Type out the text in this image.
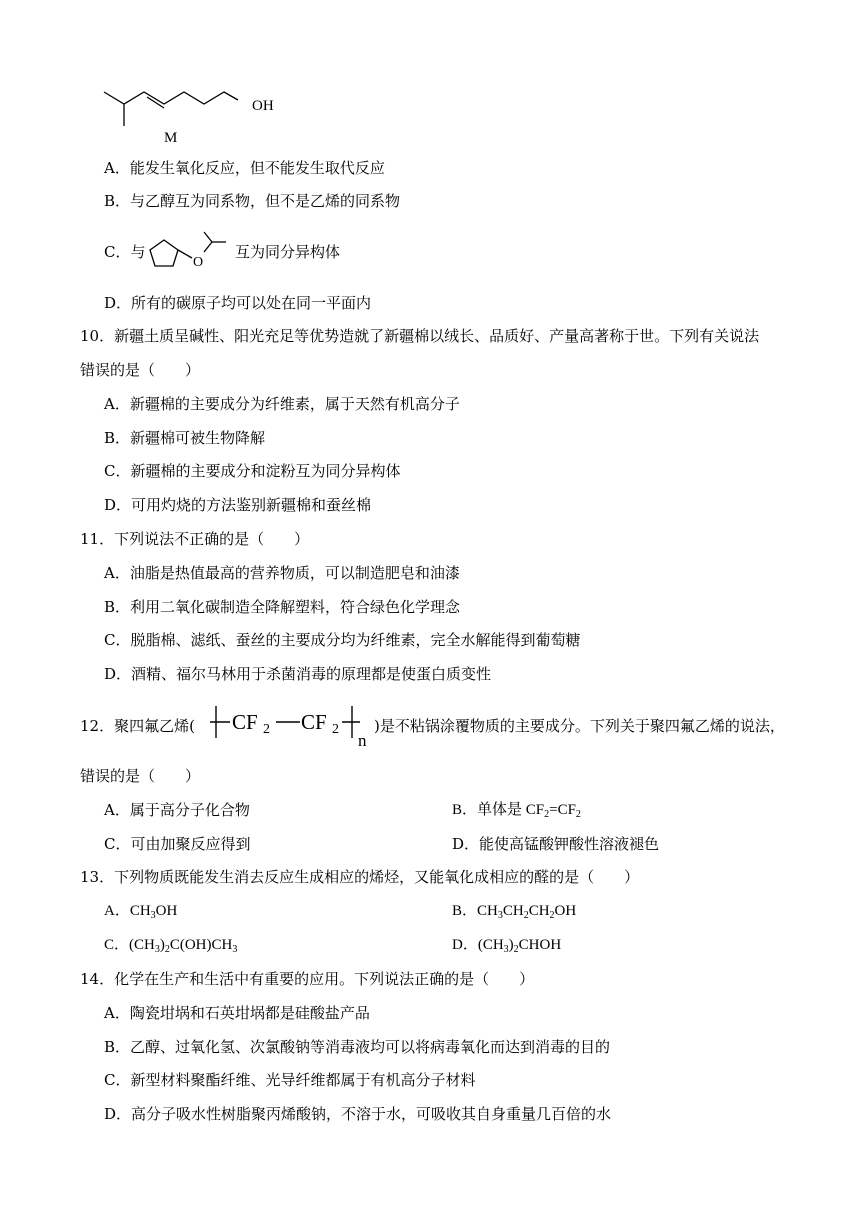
OH
M
A．能发生氧化反应，但不能发生取代反应
B．与乙醇互为同系物，但不是乙烯的同系物
C．与
O
互为同分异构体
D．所有的碳原子均可以处在同一平面内
10．新疆土质呈碱性、阳光充足等优势造就了新疆棉以绒长、品质好、产量高著称于世。下列有关说法
错误的是（　　）
A．新疆棉的主要成分为纤维素，属于天然有机高分子
B．新疆棉可被生物降解
C．新疆棉的主要成分和淀粉互为同分异构体
D．可用灼烧的方法鉴别新疆棉和蚕丝棉
11．下列说法不正确的是（　　）
A．油脂是热值最高的营养物质，可以制造肥皂和油漆
B．利用二氧化碳制造全降解塑料，符合绿色化学理念
C．脱脂棉、滤纸、蚕丝的主要成分均为纤维素，完全水解能得到葡萄糖
D．酒精、福尔马林用于杀菌消毒的原理都是使蛋白质变性
12．聚四氟乙烯( CF 2 CF 2
n
)是不粘锅涂覆物质的主要成分。下列关于聚四氟乙烯的说法，
错误的是（　　）
A．属于高分子化合物	B．单体是 $CF_2=CF_2$
C．可由加聚反应得到	D．能使高锰酸钾酸性溶液褪色
13．下列物质既能发生消去反应生成相应的烯烃，又能氧化成相应的醛的是（　　）
A．$CH_3OH$	B．$CH_3CH_2CH_2OH$
C．$(CH_3)_2C(OH)CH_3$	D．$(CH_3)_2CHOH$
14．化学在生产和生活中有重要的应用。下列说法正确的是（　　）
A．陶瓷坩埚和石英坩埚都是硅酸盐产品
B．乙醇、过氧化氢、次氯酸钠等消毒液均可以将病毒氧化而达到消毒的目的
C．新型材料聚酯纤维、光导纤维都属于有机高分子材料
D．高分子吸水性树脂聚丙烯酸钠，不溶于水，可吸收其自身重量几百倍的水
